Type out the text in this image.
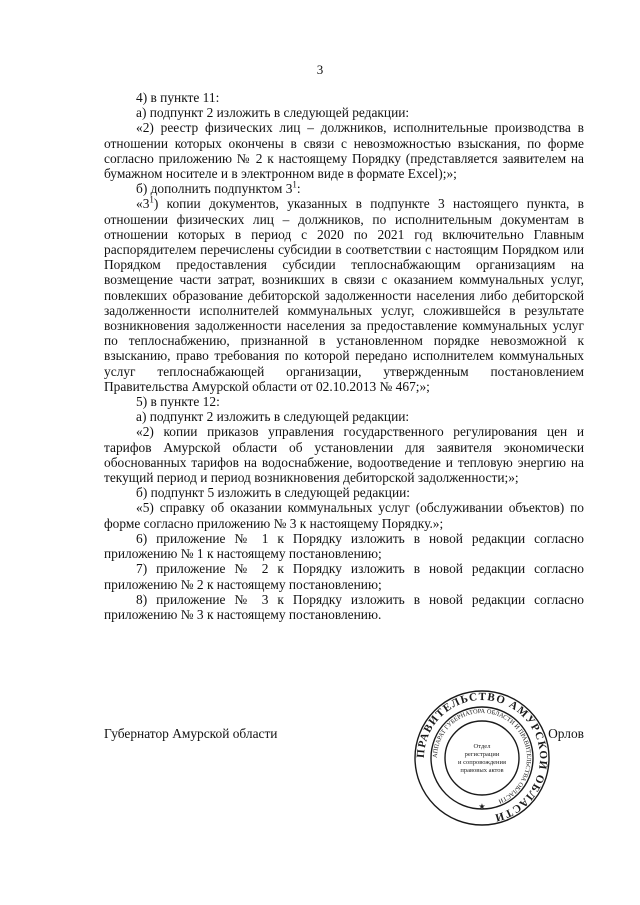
3

4) в пункте 11:

а) подпункт 2 изложить в следующей редакции:

«2) реестр физических лиц – должников, исполнительные производства в отношении которых окончены в связи с невозможностью взыскания, по форме согласно приложению № 2 к настоящему Порядку (представляется заявителем на бумажном носителе и в электронном виде в формате Excel);»;

б) дополнить подпунктом $3^1$:

«$3^1$) копии документов, указанных в подпункте 3 настоящего пункта, в отношении физических лиц – должников, по исполнительным документам в отношении которых в период с 2020 по 2021 год включительно Главным распорядителем перечислены субсидии в соответствии с настоящим Порядком или Порядком предоставления субсидии теплоснабжающим организациям на возмещение части затрат, возникших в связи с оказанием коммунальных услуг, повлекших образование дебиторской задолженности населения либо дебиторской задолженности исполнителей коммунальных услуг, сложившейся в результате возникновения задолженности населения за предоставление коммунальных услуг по теплоснабжению, признанной в установленном порядке невозможной к взысканию, право требования по которой передано исполнителем коммунальных услуг теплоснабжающей организации, утвержденным постановлением Правительства Амурской области от 02.10.2013 № 467;»;

5) в пункте 12:

а) подпункт 2 изложить в следующей редакции:

«2) копии приказов управления государственного регулирования цен и тарифов Амурской области об установлении для заявителя экономически обоснованных тарифов на водоснабжение, водоотведение и тепловую энергию на текущий период и период возникновения дебиторской задолженности;»;

б) подпункт 5 изложить в следующей редакции:

«5) справку об оказании коммунальных услуг (обслуживании объектов) по форме согласно приложению № 3 к настоящему Порядку.»;

6) приложение № 1 к Порядку изложить в новой редакции согласно приложению № 1 к настоящему постановлению;

7) приложение № 2 к Порядку изложить в новой редакции согласно приложению № 2 к настоящему постановлению;

8) приложение № 3 к Порядку изложить в новой редакции согласно приложению № 3 к настоящему постановлению.

Губернатор Амурской области	Орлов
ПРАВИТЕЛЬСТВО АМУРСКОЙ ОБЛАСТИ
АППАРАТ ГУБЕРНАТОРА ОБЛАСТИ И ПРАВИТЕЛЬСТВА ОБЛАСТИ
Отдел
регистрации
и сопровождения
правовых актов
★
